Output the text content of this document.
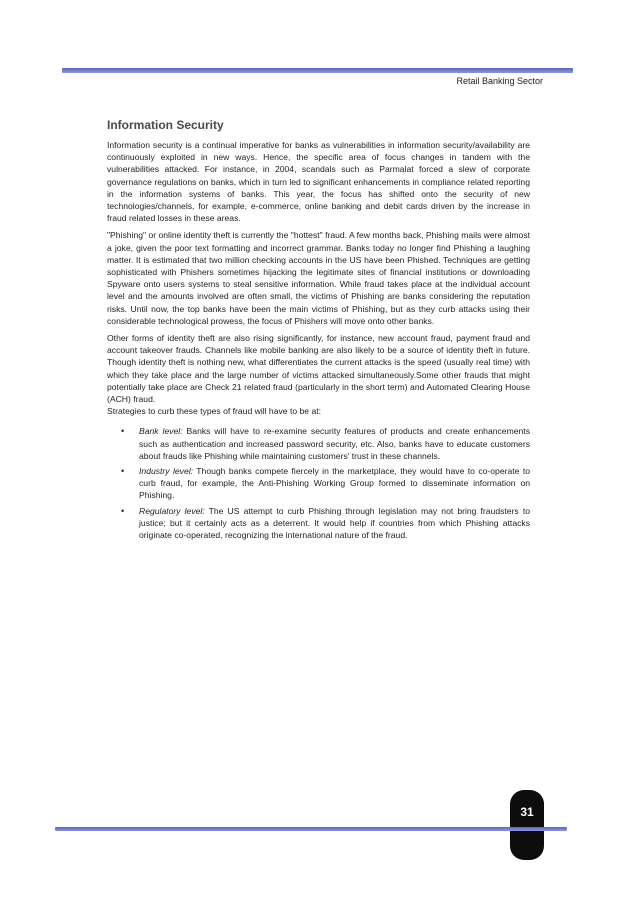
Retail Banking Sector
Information Security

Information security is a continual imperative for banks as vulnerabilities in information security/availability are continuously exploited in new ways. Hence, the specific area of focus changes in tandem with the vulnerabilities attacked. For instance, in 2004, scandals such as Parmalat forced a slew of corporate governance regulations on banks, which in turn led to significant enhancements in compliance related reporting in the information systems of banks. This year, the focus has shifted onto the security of new technologies/channels, for example, e-commerce, online banking and debit cards driven by the increase in fraud related losses in these areas.

"Phishing" or online identity theft is currently the "hottest" fraud. A few months back, Phishing mails were almost a joke, given the poor text formatting and incorrect grammar. Banks today no longer find Phishing a laughing matter. It is estimated that two million checking accounts in the US have been Phished. Techniques are getting sophisticated with Phishers sometimes hijacking the legitimate sites of financial institutions or downloading Spyware onto users systems to steal sensitive information. While fraud takes place at the individual account level and the amounts involved are often small, the victims of Phishing are banks considering the reputation risks. Until now, the top banks have been the main victims of Phishing, but as they curb attacks using their considerable technological prowess, the focus of Phishers will move onto other banks.

Other forms of identity theft are also rising significantly, for instance, new account fraud, payment fraud and account takeover frauds. Channels like mobile banking are also likely to be a source of identity theft in future. Though identity theft is nothing new, what differentiates the current attacks is the speed (usually real time) with which they take place and the large number of victims attacked simultaneously.Some other frauds that might potentially take place are Check 21 related fraud (particularly in the short term) and Automated Clearing House (ACH) fraud.

Strategies to curb these types of fraud will have to be at:

• Bank level: Banks will have to re-examine security features of products and create enhancements such as authentication and increased password security, etc. Also, banks have to educate customers about frauds like Phishing while maintaining customers' trust in these channels.
• Industry level: Though banks compete fiercely in the marketplace, they would have to co-operate to curb fraud, for example, the Anti-Phishing Working Group formed to disseminate information on Phishing.
• Regulatory level: The US attempt to curb Phishing through legislation may not bring fraudsters to justice; but it certainly acts as a deterrent. It would help if countries from which Phishing attacks originate co-operated, recognizing the international nature of the fraud.
31
